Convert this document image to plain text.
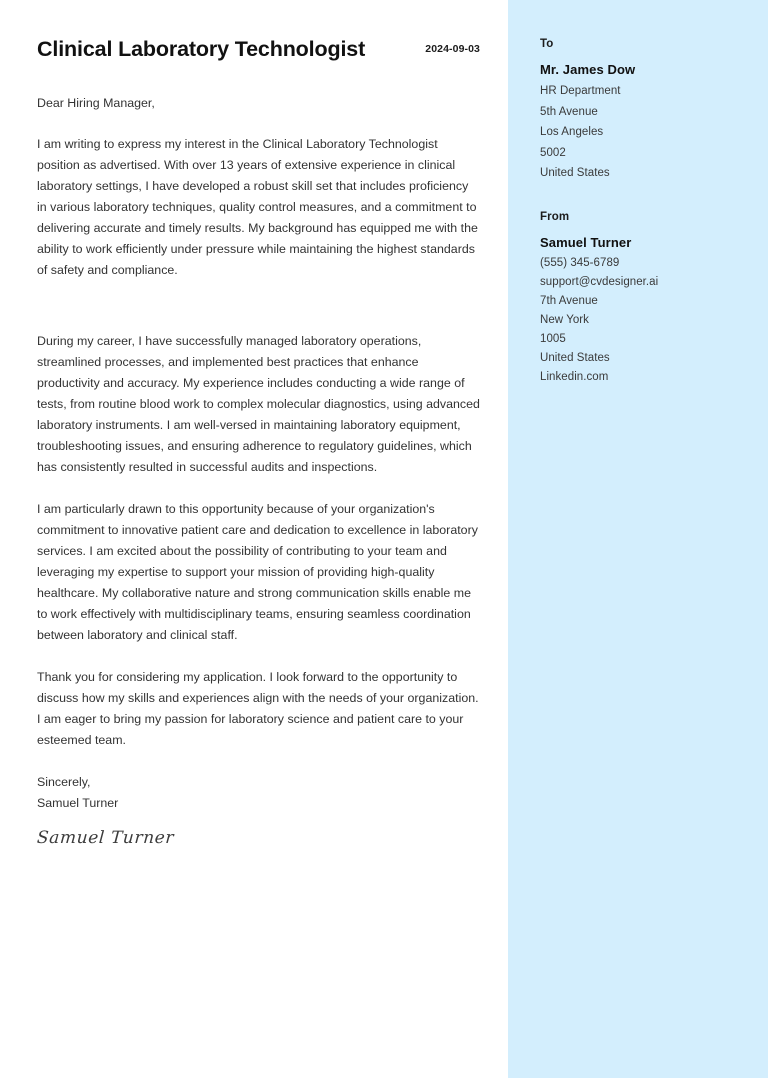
Clinical Laboratory Technologist	2024-09-03
Dear Hiring Manager,

I am writing to express my interest in the Clinical Laboratory Technologist position as advertised. With over 13 years of extensive experience in clinical laboratory settings, I have developed a robust skill set that includes proficiency in various laboratory techniques, quality control measures, and a commitment to delivering accurate and timely results. My background has equipped me with the ability to work efficiently under pressure while maintaining the highest standards of safety and compliance.

During my career, I have successfully managed laboratory operations, streamlined processes, and implemented best practices that enhance productivity and accuracy. My experience includes conducting a wide range of tests, from routine blood work to complex molecular diagnostics, using advanced laboratory instruments. I am well-versed in maintaining laboratory equipment, troubleshooting issues, and ensuring adherence to regulatory guidelines, which has consistently resulted in successful audits and inspections.

I am particularly drawn to this opportunity because of your organization's commitment to innovative patient care and dedication to excellence in laboratory services. I am excited about the possibility of contributing to your team and leveraging my expertise to support your mission of providing high-quality healthcare. My collaborative nature and strong communication skills enable me to work effectively with multidisciplinary teams, ensuring seamless coordination between laboratory and clinical staff.

Thank you for considering my application. I look forward to the opportunity to discuss how my skills and experiences align with the needs of your organization. I am eager to bring my passion for laboratory science and patient care to your esteemed team.

Sincerely,
Samuel Turner
Samuel Turner
To
Mr. James Dow
HR Department
5th Avenue
Los Angeles
5002
United States
From
Samuel Turner
(555) 345-6789
support@cvdesigner.ai
7th Avenue
New York
1005
United States
Linkedin.com
